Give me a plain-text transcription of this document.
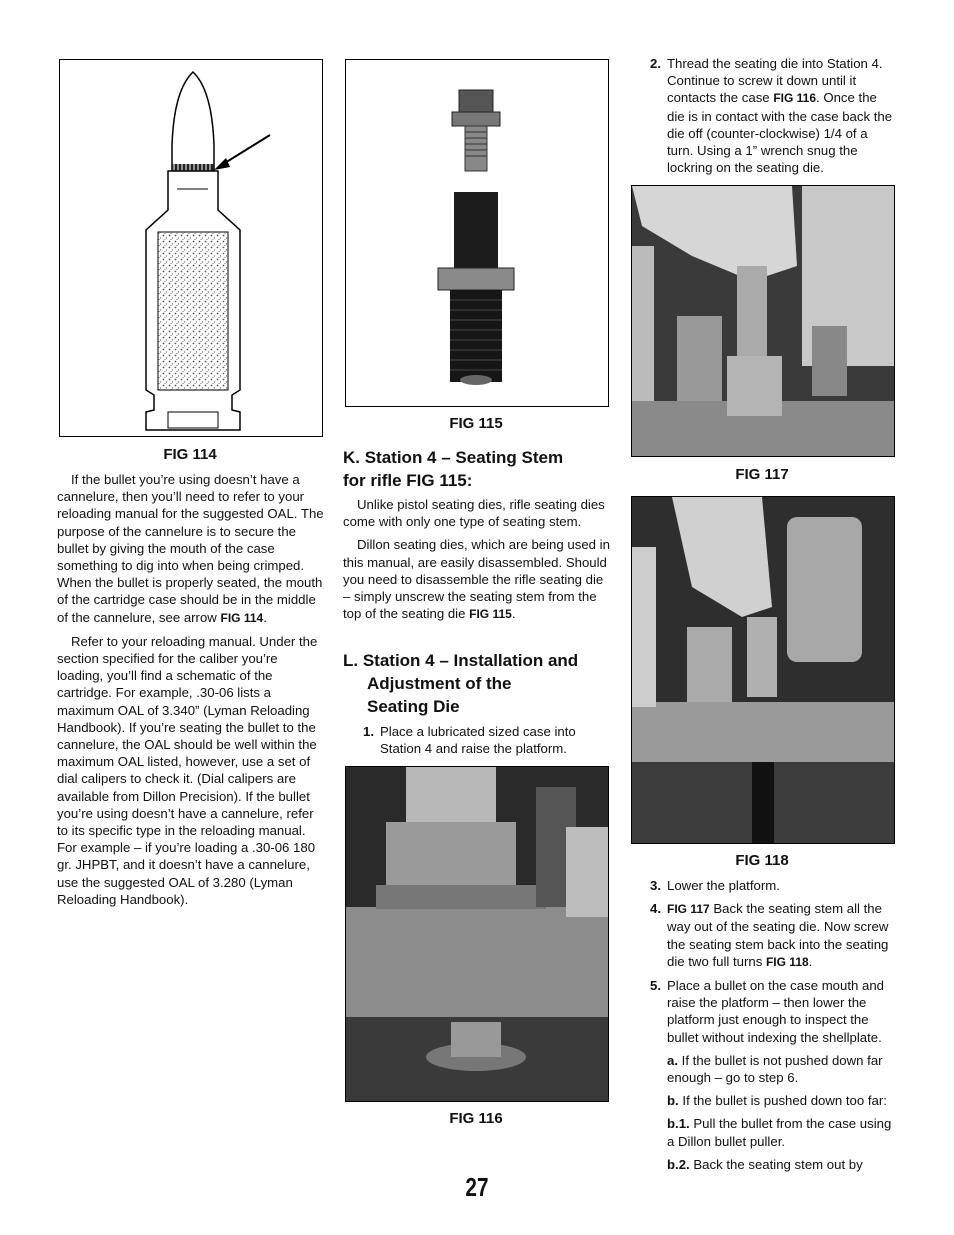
FIG 114

If the bullet you’re using doesn’t have a cannelure, then you’ll need to refer to your reloading manual for the suggested OAL. The purpose of the cannelure is to secure the bullet by giving the mouth of the case something to dig into when being crimped. When the bullet is properly seated, the mouth of the cartridge case should be in the middle of the cannelure, see arrow FIG 114.

Refer to your reloading manual. Under the section specified for the caliber you’re loading, you’ll find a schematic of the cartridge. For example, .30-06 lists a maximum OAL of 3.340” (Lyman Reloading Handbook). If you’re seating the bullet to the cannelure, the OAL should be well within the maximum OAL listed, however, use a set of dial calipers to check it. (Dial calipers are available from Dillon Precision). If the bullet you’re using doesn’t have a cannelure, refer to its specific type in the reloading manual. For example – if you’re loading a .30-06 180 gr. JHPBT, and it doesn’t have a cannelure, use the suggested OAL of 3.280 (Lyman Reloading Handbook).

FIG 115
K. Station 4 – Seating Stem
for rifle FIG 115:

Unlike pistol seating dies, rifle seating dies come with only one type of seating stem.

Dillon seating dies, which are being used in this manual, are easily disassembled. Should you need to disassemble the rifle seating die – simply unscrew the seating stem from the top of the seating die FIG 115.

L. Station 4 – Installation and
Adjustment of the
Seating Die

1. Place a lubricated sized case into Station 4 and raise the platform.

FIG 116

2. Thread the seating die into Station 4. Continue to screw it down until it contacts the case FIG 116. Once the die is in contact with the case back the die off (counter-clockwise) 1/4 of a turn. Using a 1” wrench snug the lockring on the seating die.

FIG 117
FIG 118

3. Lower the platform.

4. FIG 117 Back the seating stem all the way out of the seating die. Now screw the seating stem back into the seating die two full turns FIG 118.

5. Place a bullet on the case mouth and raise the platform – then lower the platform just enough to inspect the bullet without indexing the shellplate.

a. If the bullet is not pushed down far enough – go to step 6.

b. If the bullet is pushed down too far:

b.1. Pull the bullet from the case using a Dillon bullet puller.

b.2. Back the seating stem out by

27
